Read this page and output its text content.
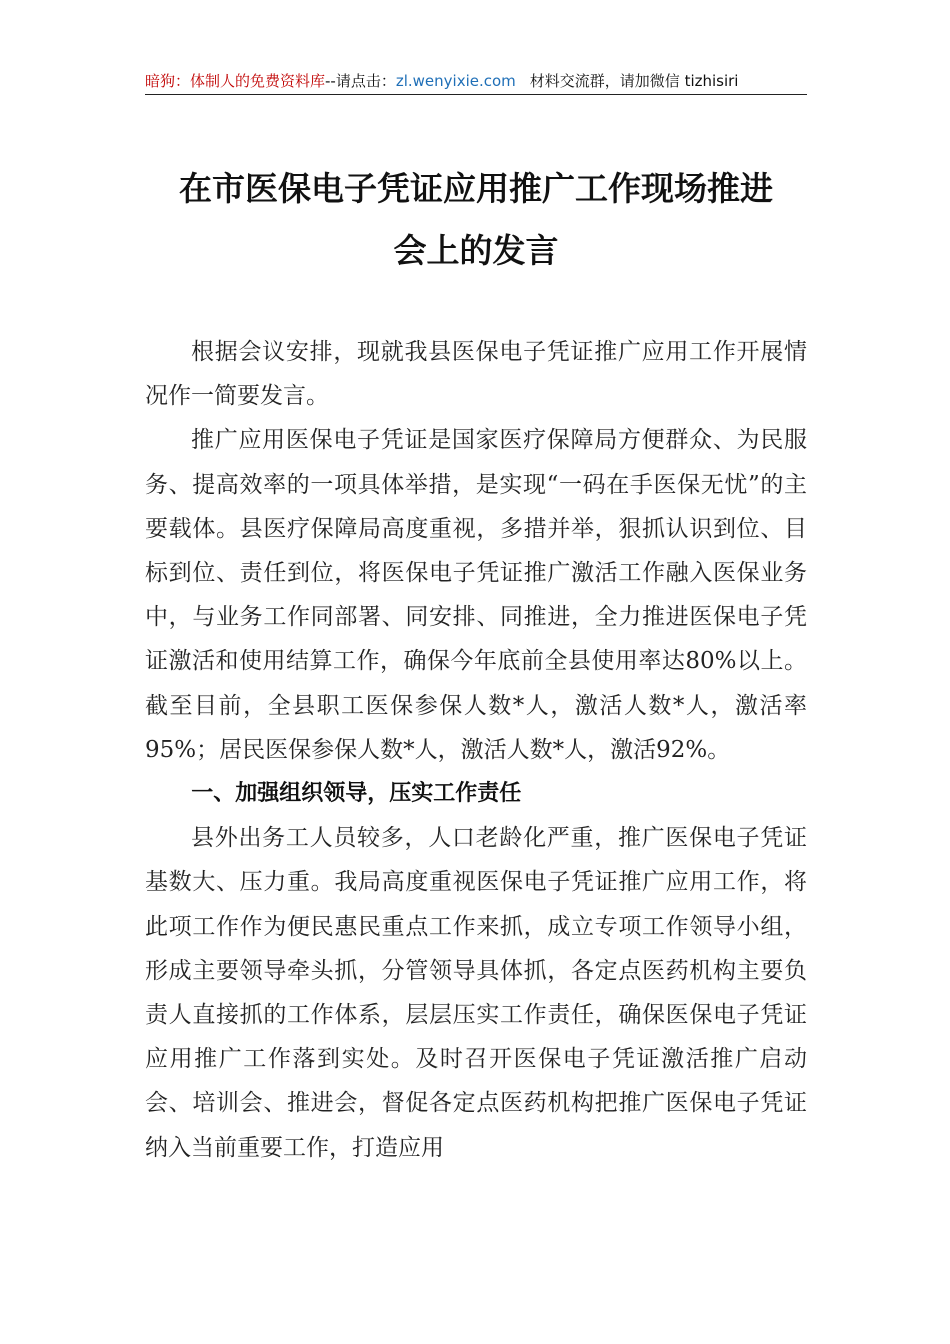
暗狗：体制人的免费资料库--请点击：zl.wenyixie.com 材料交流群，请加微信 tizhisiri
在市医保电子凭证应用推广工作现场推进
会上的发言

根据会议安排，现就我县医保电子凭证推广应用工作开展情况作一简要发言。

推广应用医保电子凭证是国家医疗保障局方便群众、为民服务、提高效率的一项具体举措，是实现“一码在手医保无忧”的主要载体。县医疗保障局高度重视，多措并举，狠抓认识到位、目标到位、责任到位，将医保电子凭证推广激活工作融入医保业务中，与业务工作同部署、同安排、同推进，全力推进医保电子凭证激活和使用结算工作，确保今年底前全县使用率达80%以上。截至目前，全县职工医保参保人数*人，激活人数*人，激活率95%；居民医保参保人数*人，激活人数*人，激活92%。

一、加强组织领导，压实工作责任

县外出务工人员较多，人口老龄化严重，推广医保电子凭证基数大、压力重。我局高度重视医保电子凭证推广应用工作，将此项工作作为便民惠民重点工作来抓，成立专项工作领导小组，形成主要领导牵头抓，分管领导具体抓，各定点医药机构主要负责人直接抓的工作体系，层层压实工作责任，确保医保电子凭证应用推广工作落到实处。及时召开医保电子凭证激活推广启动会、培训会、推进会，督促各定点医药机构把推广医保电子凭证纳入当前重要工作，打造应用
